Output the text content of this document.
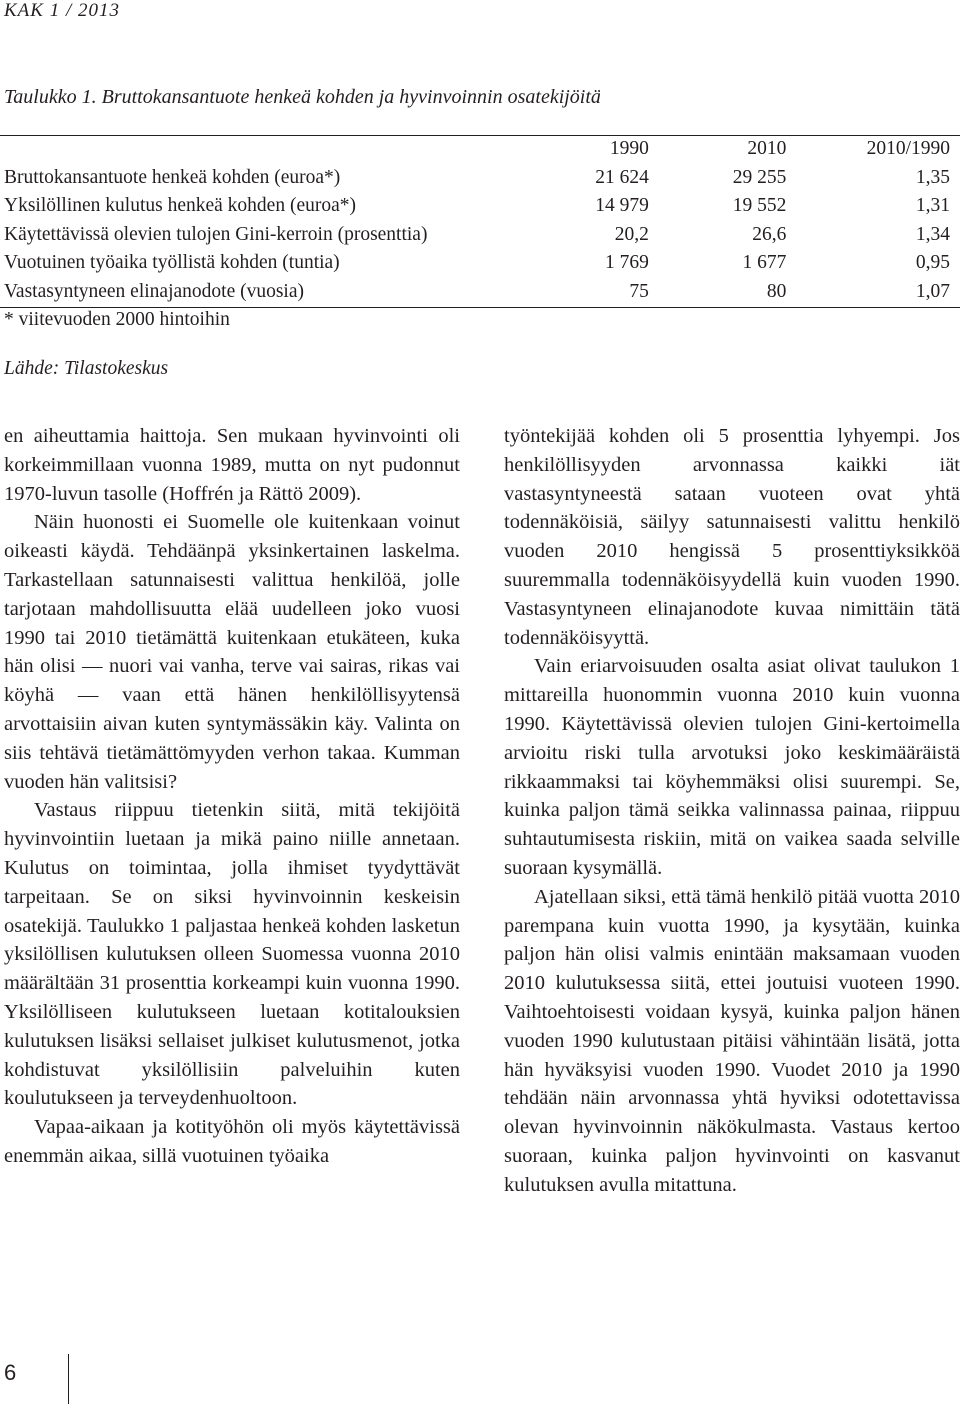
KAK 1 / 2013
Taulukko 1. Bruttokansantuote henkeä kohden ja hyvinvoinnin osatekijöitä
	1990	2010	2010/1990
Bruttokansantuote henkeä kohden (euroa*)	21 624	29 255	1,35
Yksilöllinen kulutus henkeä kohden (euroa*)	14 979	19 552	1,31
Käytettävissä olevien tulojen Gini-kerroin (prosenttia)	20,2	26,6	1,34
Vuotuinen työaika työllistä kohden (tuntia)	1 769	1 677	0,95
Vastasyntyneen elinajanodote (vuosia)	75	80	1,07
* viitevuoden 2000 hintoihin
Lähde: Tilastokeskus

en aiheuttamia haittoja. Sen mukaan hyvinvointi oli korkeimmillaan vuonna 1989, mutta on nyt pudonnut 1970-luvun tasolle (Hoffrén ja Rättö 2009).

Näin huonosti ei Suomelle ole kuitenkaan voinut oikeasti käydä. Tehdäänpä yksinkertainen laskelma. Tarkastellaan satunnaisesti valittua henkilöä, jolle tarjotaan mahdollisuutta elää uudelleen joko vuosi 1990 tai 2010 tietämättä kuitenkaan etukäteen, kuka hän olisi — nuori vai vanha, terve vai sairas, rikas vai köyhä — vaan että hänen henkilöllisyytensä arvottaisiin aivan kuten syntymässäkin käy. Valinta on siis tehtävä tietämättömyyden verhon takaa. Kumman vuoden hän valitsisi?

Vastaus riippuu tietenkin siitä, mitä tekijöitä hyvinvointiin luetaan ja mikä paino niille annetaan. Kulutus on toimintaa, jolla ihmiset tyydyttävät tarpeitaan. Se on siksi hyvinvoinnin keskeisin osatekijä. Taulukko 1 paljastaa henkeä kohden lasketun yksilöllisen kulutuksen olleen Suomessa vuonna 2010 määrältään 31 prosenttia korkeampi kuin vuonna 1990. Yksilölliseen kulutukseen luetaan kotitalouksien kulutuksen lisäksi sellaiset julkiset kulutusmenot, jotka kohdistuvat yksilöllisiin palveluihin kuten koulutukseen ja terveydenhuoltoon.

Vapaa-aikaan ja kotityöhön oli myös käytettävissä enemmän aikaa, sillä vuotuinen työaika

työntekijää kohden oli 5 prosenttia lyhyempi. Jos henkilöllisyyden arvonnassa kaikki iät vastasyntyneestä sataan vuoteen ovat yhtä todennäköisiä, säilyy satunnaisesti valittu henkilö vuoden 2010 hengissä 5 prosenttiyksikköä suuremmalla todennäköisyydellä kuin vuoden 1990. Vastasyntyneen elinajanodote kuvaa nimittäin tätä todennäköisyyttä.

Vain eriarvoisuuden osalta asiat olivat taulukon 1 mittareilla huonommin vuonna 2010 kuin vuonna 1990. Käytettävissä olevien tulojen Gini-kertoimella arvioitu riski tulla arvotuksi joko keskimääräistä rikkaammaksi tai köyhemmäksi olisi suurempi. Se, kuinka paljon tämä seikka valinnassa painaa, riippuu suhtautumisesta riskiin, mitä on vaikea saada selville suoraan kysymällä.

Ajatellaan siksi, että tämä henkilö pitää vuotta 2010 parempana kuin vuotta 1990, ja kysytään, kuinka paljon hän olisi valmis enintään maksamaan vuoden 2010 kulutuksessa siitä, ettei joutuisi vuoteen 1990. Vaihtoehtoisesti voidaan kysyä, kuinka paljon hänen vuoden 1990 kulutustaan pitäisi vähintään lisätä, jotta hän hyväksyisi vuoden 1990. Vuodet 2010 ja 1990 tehdään näin arvonnassa yhtä hyviksi odotettavissa olevan hyvinvoinnin näkökulmasta. Vastaus kertoo suoraan, kuinka paljon hyvinvointi on kasvanut kulutuksen avulla mitattuna.

6
